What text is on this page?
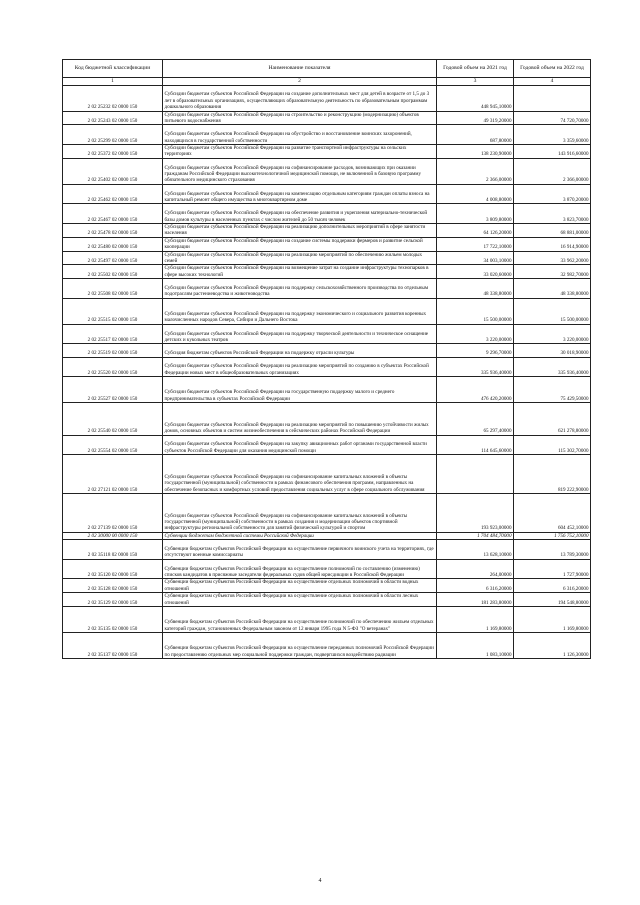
Код бюджетной классификации	Наименование показателя	Годовой объем на 2021 год	Годовой объем на 2022 год
1	2	3	4
2 02 25232 02 0000 150	Субсидии бюджетам субъектов Российской Федерации на создание дополнительных мест для детей в возрасте от 1,5 до 3 лет в образовательных организациях, осуществляющих образовательную деятельность по образовательным программам дошкольного образования	448 945,10000	
2 02 25243 02 0000 150	Субсидии бюджетам субъектов Российской Федерации на строительство и реконструкцию (модернизацию) объектов питьевого водоснабжения	49 319,20000	74 720,70000
2 02 25299 02 0000 150	Субсидии бюджетам субъектов Российской Федерации на обустройство и восстановление воинских захоронений, находящихся в государственной собственности	687,80000	3 359,60000
2 02 25372 02 0000 150	Субсидии бюджетам субъектов Российской Федерации на развитие транспортной инфраструктуры на сельских территориях	138 230,90000	143 916,60000
2 02 25402 02 0000 150	Субсидии бюджетам субъектов Российской Федерации на софинансирование расходов, возникающих при оказании гражданам Российской Федерации высокотехнологичной медицинской помощи, не включенной в базовую программу обязательного медицинского страхования	2 366,00000	2 366,00000
2 02 25462 02 0000 150	Субсидии бюджетам субъектов Российской Федерации на компенсацию отдельным категориям граждан оплаты взноса на капитальный ремонт общего имущества в многоквартирном доме	4 008,80000	3 870,20000
2 02 25467 02 0000 150	Субсидии бюджетам субъектов Российской Федерации на обеспечение развития и укрепления материально-технической базы домов культуры в населенных пунктах с числом жителей до 50 тысяч человек	3 809,80000	3 823,70000
2 02 25478 02 0000 150	Субсидии бюджетам субъектов Российской Федерации на реализацию дополнительных мероприятий в сфере занятости населения	64 126,20000	68 881,00000
2 02 25480 02 0000 150	Субсидии бюджетам субъектов Российской Федерации на создание системы поддержки фермеров и развитие сельской кооперации	17 722,10000	16 914,90000
2 02 25497 02 0000 150	Субсидии бюджетам субъектов Российской Федерации на реализацию мероприятий по обеспечению жильем молодых семей	34 003,10000	33 962,20000
2 02 25502 02 0000 150	Субсидии бюджетам субъектов Российской Федерации на возмещение затрат на создание инфраструктуры технопарков в сфере высоких технологий	33 020,60000	32 982,70000
2 02 25508 02 0000 150	Субсидии бюджетам субъектов Российской Федерации на поддержку сельскохозяйственного производства по отдельным подотраслям растениеводства и животноводства	48 338,80000	48 338,80000
2 02 25515 02 0000 150	Субсидии бюджетам субъектов Российской Федерации на поддержку экономического и социального развития коренных малочисленных народов Севера, Сибири и Дальнего Востока	15 500,00000	15 500,00000
2 02 25517 02 0000 150	Субсидии бюджетам субъектов Российской Федерации на поддержку творческой деятельности и техническое оснащение детских и кукольных театров	3 220,00000	3 220,00000
2 02 25519 02 0000 150	Субсидия бюджетам субъектов Российской Федерации на поддержку отрасли культуры	9 296,70000	30 018,90000
2 02 25520 02 0000 150	Субсидии бюджетам субъектов Российской Федерации на реализацию мероприятий по созданию в субъектах Российской Федерации новых мест в общеобразовательных организациях	335 936,40000	335 936,40000
2 02 25527 02 0000 150	Субсидии бюджетам субъектов Российской Федерации на государственную поддержку малого и среднего предпринимательства в субъектах Российской Федерации	476 420,20000	75 429,50000
2 02 25540 02 0000 150	Субсидии бюджетам субъектов Российской Федерации на реализацию мероприятий по повышению устойчивости жилых домов, основных объектов и систем жизнеобеспечения в сейсмических районах Российской Федерации	65 297,40000	621 278,80000
2 02 25554 02 0000 150	Субсидии бюджетам субъектов Российской Федерации на закупку авиационных работ органами государственной власти субъектов Российской Федерации для оказания медицинской помощи	114 645,60000	115 302,70000
2 02 27121 02 0000 150	Субсидии бюджетам субъектов Российской Федерации на софинансирование капитальных вложений в объекты государственной (муниципальной) собственности в рамках финансового обеспечения программ, направленных на обеспечение безопасных и комфортных условий предоставления социальных услуг в сфере социального обслуживания		819 222,90000
2 02 27139 02 0000 150	Субсидии бюджетам субъектов Российской Федерации на софинансирование капитальных вложений в объекты государственной (муниципальной) собственности в рамках создания и модернизации объектов спортивной инфраструктуры региональной собственности для занятий физической культурой и спортом	193 923,00000	604 452,10000
2 02 30000 00 0000 150	Субвенции бюджетам бюджетной системы Российской Федерации	1 704 484,70000	1 756 752,10000
2 02 35118 02 0000 150	Субвенции бюджетам субъектов Российской Федерации на осуществление первичного воинского учета на территориях, где отсутствуют военные комиссариаты	13 628,10000	13 789,30000
2 02 35120 02 0000 150	Субвенции бюджетам субъектов Российской Федерации на осуществление полномочий по составлению (изменению) списков кандидатов в присяжные заседатели федеральных судов общей юрисдикции в Российской Федерации	264,00000	1 727,90000
2 02 35128 02 0000 150	Субвенции бюджетам субъектов Российской Федерации на осуществление отдельных полномочий в области водных отношений	6 316,20000	6 316,20000
2 02 35129 02 0000 150	Субвенции бюджетам субъектов Российской Федерации на осуществление отдельных полномочий в области лесных отношений	181 283,80000	194 548,80000
2 02 35135 02 0000 150	Субвенции бюджетам субъектов Российской Федерации на осуществление полномочий по обеспечению жильем отдельных категорий граждан, установленных Федеральным законом от 12 января 1995 года N 5-ФЗ "О ветеранах"	1 169,80000	1 169,80000
2 02 35137 02 0000 150	Субвенции бюджетам субъектов Российской Федерации на осуществление переданных полномочий Российской Федерации по предоставлению отдельных мер социальной поддержки граждан, подвергшихся воздействию радиации	1 083,10000	1 126,30000
4
